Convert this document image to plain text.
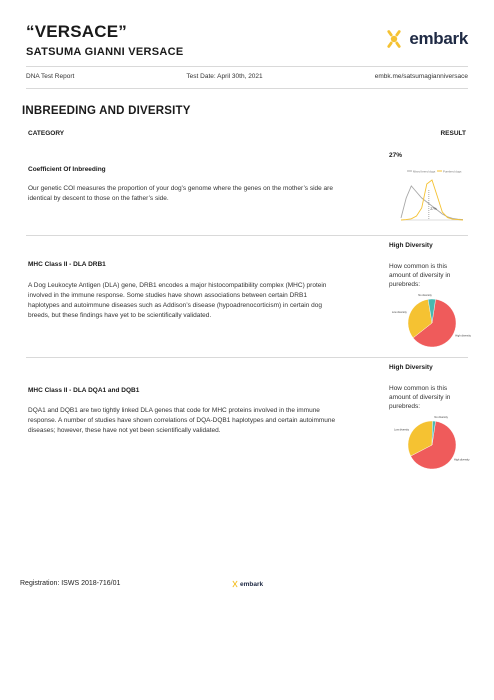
“VERSACE”
SATSUMA GIANNI VERSACE
embark
DNA Test Report	Test Date: April 30th, 2021	embk.me/satsumagianniversace
INBREEDING AND DIVERSITY
CATEGORY	RESULT
Coefficient Of Inbreeding
Our genetic COI measures the proportion of your dog’s genome where the genes on the mother’s side are
identical by descent to those on the father’s side.
27%
Mixed breed dogs	Purebred dogs
27%
High Diversity
How common is this amount of diversity in purebreds:
MHC Class II - DLA DRB1
A Dog Leukocyte Antigen (DLA) gene, DRB1 encodes a major histocompatibility complex (MHC) protein
involved in the immune response. Some studies have shown associations between certain DRB1
haplotypes and autoimmune diseases such as Addison’s disease (hypoadrenocorticism) in certain dog
breeds, but these findings have yet to be scientifically validated.
High diversity
Low diversity
No diversity
High Diversity
How common is this amount of diversity in purebreds:
MHC Class II - DLA DQA1 and DQB1
DQA1 and DQB1 are two tightly linked DLA genes that code for MHC proteins involved in the immune
response. A number of studies have shown correlations of DQA-DQB1 haplotypes and certain autoimmune
diseases; however, these have not yet been scientifically validated.
High diversity
Low diversity
No diversity
Registration: ISWS 2018-716/01	embark
